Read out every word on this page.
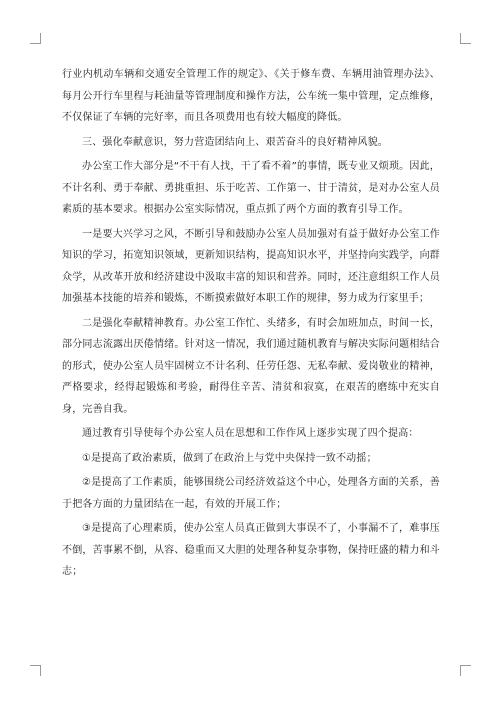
行业内机动车辆和交通安全管理工作的规定》、《关于修车费、车辆用油管理办法》、每月公开行车里程与耗油量等管理制度和操作方法，公车统一集中管理，定点维修，不仅保证了车辆的完好率，而且各项费用也有较大幅度的降低。

三、强化奉献意识，努力营造团结向上、艰苦奋斗的良好精神风貌。

办公室工作大部分是“不干有人找，干了看不着”的事情，既专业又烦琐。因此，不计名利、勇于奉献、勇挑重担、乐于吃苦、工作第一、甘于清贫，是对办公室人员素质的基本要求。根据办公室实际情况，重点抓了两个方面的教育引导工作。

一是要大兴学习之风，不断引导和鼓励办公室人员加强对有益于做好办公室工作知识的学习，拓宽知识领域，更新知识结构，提高知识水平，并坚持向实践学，向群众学，从改革开放和经济建设中汲取丰富的知识和营养。同时，还注意组织工作人员加强基本技能的培养和锻炼，不断摸索做好本职工作的规律，努力成为行家里手；

二是强化奉献精神教育。办公室工作忙、头绪多，有时会加班加点，时间一长，部分同志流露出厌倦情绪。针对这一情况，我们通过随机教育与解决实际问题相结合的形式，使办公室人员牢固树立不计名利、任劳任怨、无私奉献、爱岗敬业的精神，严格要求，经得起锻炼和考验，耐得住辛苦、清贫和寂寞，在艰苦的磨练中充实自身，完善自我。

通过教育引导使每个办公室人员在思想和工作作风上逐步实现了四个提高：

①是提高了政治素质，做到了在政治上与党中央保持一致不动摇；

②是提高了工作素质，能够围绕公司经济效益这个中心，处理各方面的关系，善于把各方面的力量团结在一起，有效的开展工作；

③是提高了心理素质，使办公室人员真正做到大事误不了，小事漏不了，难事压不倒，苦事累不倒，从容、稳重而又大胆的处理各种复杂事物，保持旺盛的精力和斗志；
